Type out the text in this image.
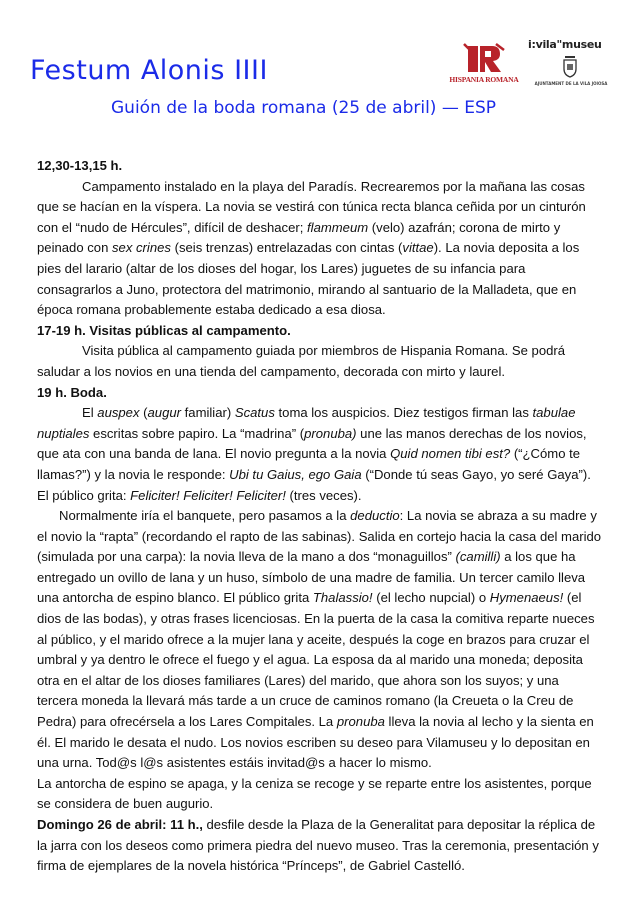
Festum Alonis IIII
Guión de la boda romana (25 de abril) — ESP
HISPANIA ROMANA
i:vila"museu
AJUNTAMENT DE LA VILA JOIOSA

12,30-13,15 h.

Campamento instalado en la playa del Paradís. Recrearemos por la mañana las cosas que se hacían en la víspera. La novia se vestirá con túnica recta blanca ceñida por un cinturón con el “nudo de Hércules”, difícil de deshacer; flammeum (velo) azafrán; corona de mirto y peinado con sex crines (seis trenzas) entrelazadas con cintas (vittae). La novia deposita a los pies del larario (altar de los dioses del hogar, los Lares) juguetes de su infancia para consagrarlos a Juno, protectora del matrimonio, mirando al santuario de la Malladeta, que en época romana probablemente estaba dedicado a esa diosa.

17-19 h. Visitas públicas al campamento.

Visita pública al campamento guiada por miembros de Hispania Romana. Se podrá saludar a los novios en una tienda del campamento, decorada con mirto y laurel.

19 h. Boda.

El auspex (augur familiar) Scatus toma los auspicios. Diez testigos firman las tabulae nuptiales escritas sobre papiro. La “madrina” (pronuba) une las manos derechas de los novios, que ata con una banda de lana. El novio pregunta a la novia Quid nomen tibi est? (“¿Cómo te llamas?”) y la novia le responde: Ubi tu Gaius, ego Gaia (“Donde tú seas Gayo, yo seré Gaya”). El público grita: Feliciter! Feliciter! Feliciter! (tres veces).

Normalmente iría el banquete, pero pasamos a la deductio: La novia se abraza a su madre y el novio la “rapta” (recordando el rapto de las sabinas). Salida en cortejo hacia la casa del marido (simulada por una carpa): la novia lleva de la mano a dos “monaguillos” (camilli) a los que ha entregado un ovillo de lana y un huso, símbolo de una madre de familia. Un tercer camilo lleva una antorcha de espino blanco. El público grita Thalassio! (el lecho nupcial) o Hymenaeus! (el dios de las bodas), y otras frases licenciosas. En la puerta de la casa la comitiva reparte nueces al público, y el marido ofrece a la mujer lana y aceite, después la coge en brazos para cruzar el umbral y ya dentro le ofrece el fuego y el agua. La esposa da al marido una moneda; deposita otra en el altar de los dioses familiares (Lares) del marido, que ahora son los suyos; y una tercera moneda la llevará más tarde a un cruce de caminos romano (la Creueta o la Creu de Pedra) para ofrecérsela a los Lares Compitales. La pronuba lleva la novia al lecho y la sienta en él. El marido le desata el nudo. Los novios escriben su deseo para Vilamuseu y lo depositan en una urna. Tod@s l@s asistentes estáis invitad@s a hacer lo mismo.

La antorcha de espino se apaga, y la ceniza se recoge y se reparte entre los asistentes, porque se considera de buen augurio.

Domingo 26 de abril: 11 h., desfile desde la Plaza de la Generalitat para depositar la réplica de la jarra con los deseos como primera piedra del nuevo museo. Tras la ceremonia, presentación y firma de ejemplares de la novela histórica “Prínceps”, de Gabriel Castelló.
